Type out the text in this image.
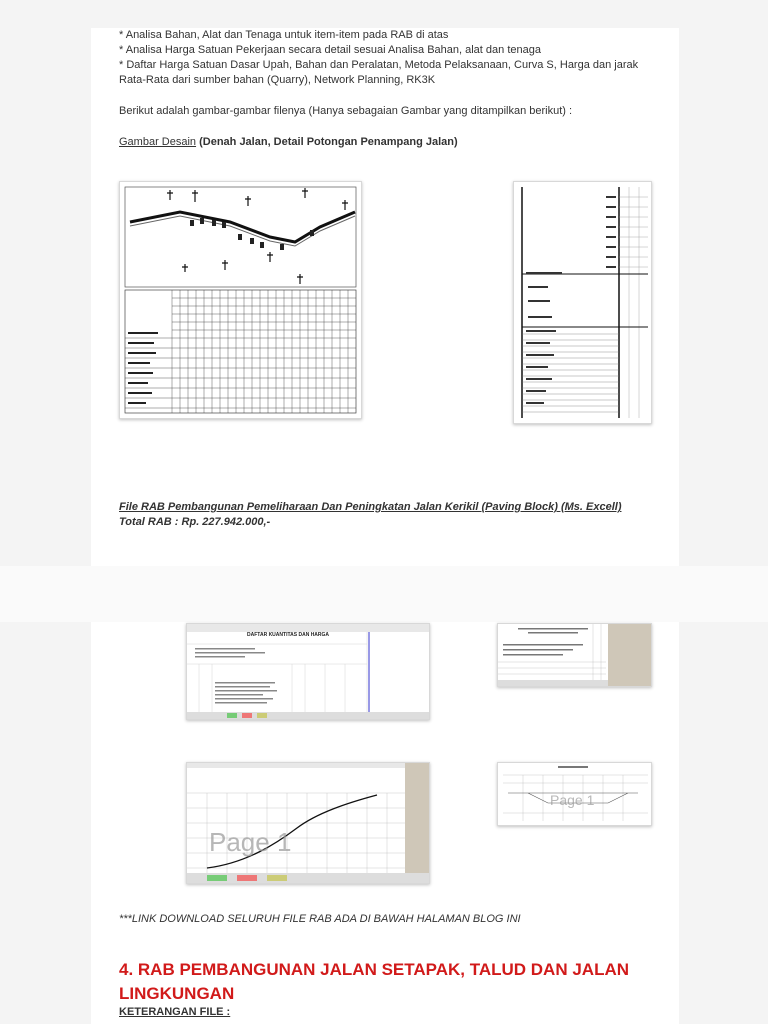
* Analisa Bahan, Alat dan Tenaga untuk item-item pada RAB di atas
* Analisa Harga Satuan Pekerjaan secara detail sesuai Analisa Bahan, alat dan tenaga
* Daftar Harga Satuan Dasar Upah, Bahan dan Peralatan, Metoda Pelaksanaan, Curva S, Harga dan jarak Rata-Rata dari sumber bahan (Quarry), Network Planning, RK3K
Berikut adalah gambar-gambar filenya (Hanya sebagaian Gambar yang ditampilkan berikut) :
Gambar Desain (Denah Jalan, Detail Potongan Penampang Jalan)
File RAB Pembangunan Pemeliharaan Dan Peningkatan Jalan Kerikil (Paving Block) (Ms. Excell)
Total RAB : Rp. 227.942.000,-
DAFTAR KUANTITAS DAN HARGA
Page 1
Page 1
***LINK DOWNLOAD SELURUH FILE RAB ADA DI BAWAH HALAMAN BLOG INI
4. RAB PEMBANGUNAN JALAN SETAPAK, TALUD DAN JALAN LINGKUNGAN
KETERANGAN FILE :
